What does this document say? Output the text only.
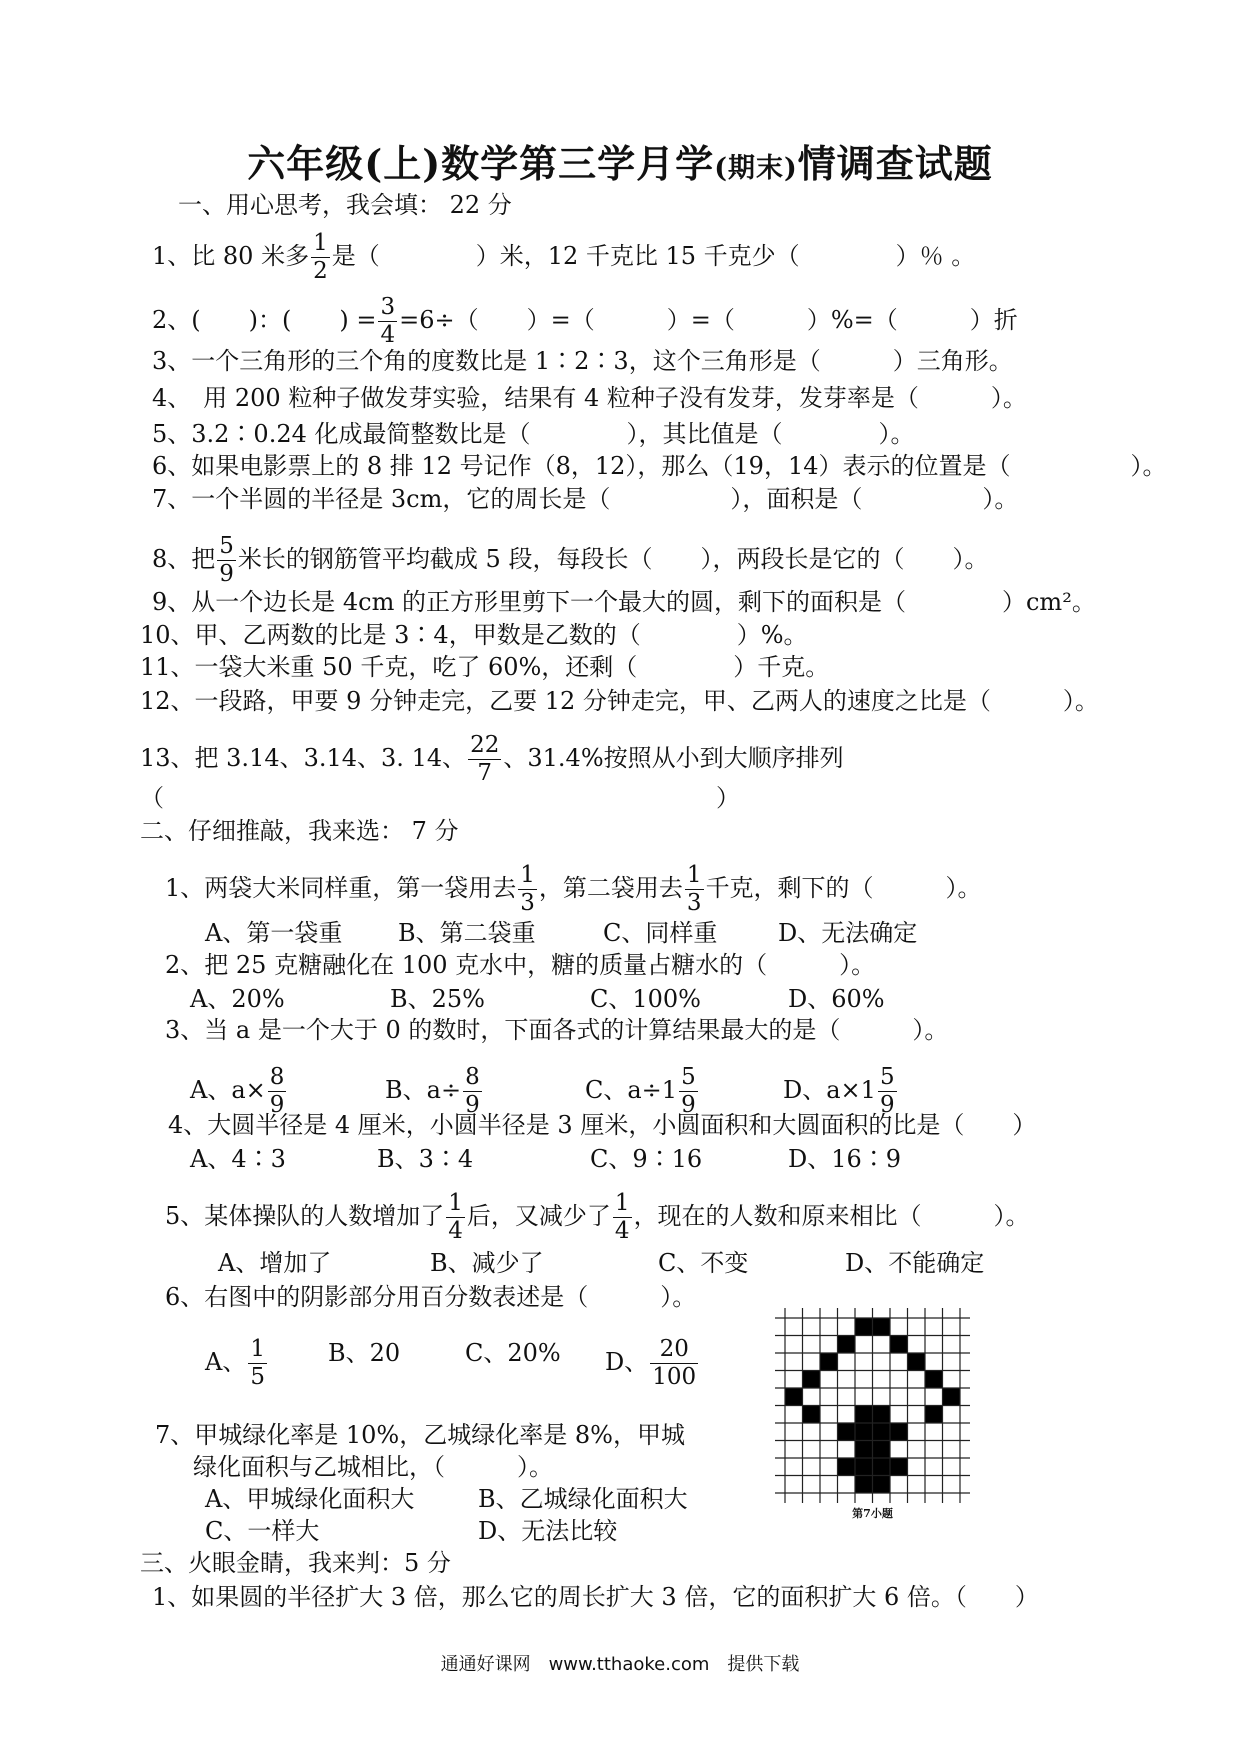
六年级(上)数学第三学月学(期末)情调查试题
一、用心思考，我会填： 22 分
1、比 80 米多 $\frac{1}{2}$ 是（　　　　）米，12 千克比 15 千克少（　　　　）％ 。
2、(　　)：(　　) = $\frac{3}{4} =6\div$（　　）=（　　　）=（　　　）%=（　　　）折
3、一个三角形的三个角的度数比是 1∶2∶3，这个三角形是（　　　）三角形。
4、　用 200 粒种子做发芽实验，结果有 4 粒种子没有发芽，发芽率是（　　　）。
5、3.2∶0.24 化成最简整数比是（　　　　），其比值是（　　　　）。
6、如果电影票上的 8 排 12 号记作（8，12），那么（19，14）表示的位置是（　　　　　）。
7、一个半圆的半径是 3cm，它的周长是（　　　　　），面积是（　　　　　）。
8、把 $\frac{5}{9}$ 米长的钢筋管平均截成 5 段，每段长（　　），两段长是它的（　　）。
9、从一个边长是 4cm 的正方形里剪下一个最大的圆，剩下的面积是（　　　　）cm²。
10、甲、乙两数的比是 3∶4，甲数是乙数的（　　　　）%。
11、一袋大米重 50 千克，吃了 60%，还剩（　　　　）千克。
12、一段路，甲要 9 分钟走完，乙要 12 分钟走完，甲、乙两人的速度之比是（　　　）。
13、把 3.14、3.14、3. 14、 $\frac{22}{7}$ 、31.4%按照从小到大顺序排列
（　　　　　　　　　　　　　　　　　　　　　　　）
二、仔细推敲，我来选： 7 分
1、两袋大米同样重，第一袋用去 $\frac{1}{3}$ ，第二袋用去 $\frac{1}{3}$ 千克，剩下的（　　　）。
A、第一袋重 B、第二袋重	C、同样重	D、无法确定
2、把 25 克糖融化在 100 克水中，糖的质量占糖水的（　　　）。
A、20%	B、25%	C、100%	D、60%
3、当 a 是一个大于 0 的数时，下面各式的计算结果最大的是（　　　）。
A、$a\times \frac{8}{9}$	B、$a\div \frac{8}{9}$	C、$a\div 1 \frac{5}{9}$	D、$a\times 1 \frac{5}{9}$
4、大圆半径是 4 厘米，小圆半径是 3 厘米，小圆面积和大圆面积的比是（　　）
A、4∶3	B、3∶4	C、9∶16	D、16∶9
5、某体操队的人数增加了 $\frac{1}{4}$ 后，又减少了 $\frac{1}{4}$ ，现在的人数和原来相比（　　　）。
A、增加了	B、减少了	C、不变	D、不能确定
6、右图中的阴影部分用百分数表述是（　　　）。
A、 $\frac{1}{5}$	B、20	C、20% D、 $\frac{20}{100}$
7、甲城绿化率是 10%，乙城绿化率是 8%，甲城
绿化面积与乙城相比，（　　　）。
A、甲城绿化面积大	B、乙城绿化面积大
C、一样大	D、无法比较
第7小题
三、火眼金睛，我来判：5 分
1、如果圆的半径扩大 3 倍，那么它的周长扩大 3 倍，它的面积扩大 6 倍。（　　）
通通好课网　www.tthaoke.com　提供下载
